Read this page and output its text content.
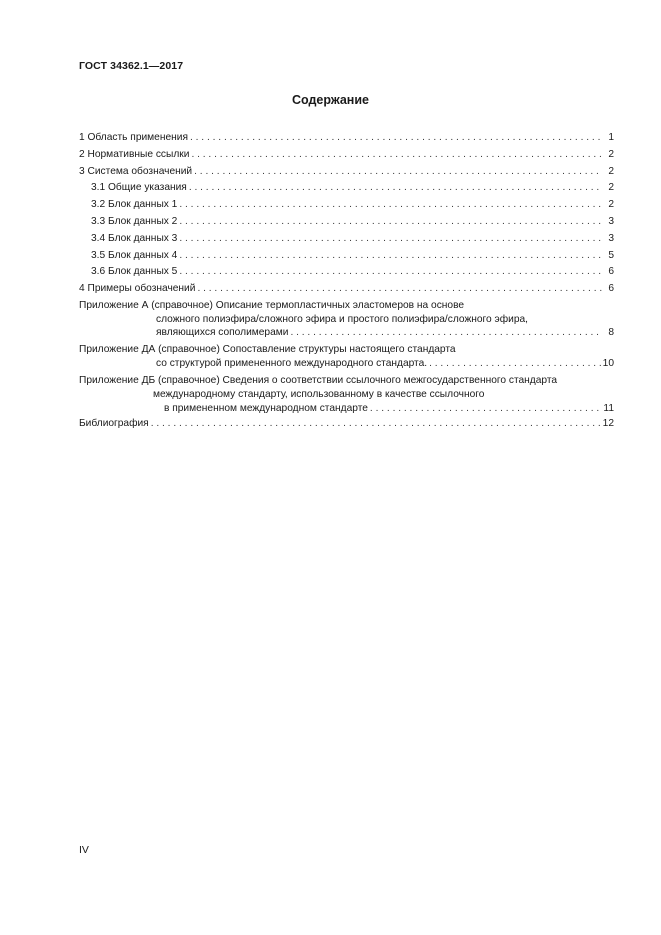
ГОСТ 34362.1—2017
Содержание
1 Область применения . . .	1
2 Нормативные ссылки . . .	2
3 Система обозначений . . .	2
3.1 Общие указания . . .	2
3.2 Блок данных 1 . . .	2
3.3 Блок данных 2 . . .	3
3.4 Блок данных 3 . . .	3
3.5 Блок данных 4 . . .	5
3.6 Блок данных 5 . . .	6
4 Примеры обозначений . . .	6
Приложение А (справочное) Описание термопластичных эластомеров на основе
сложного полиэфира/сложного эфира и простого полиэфира/сложного эфира,
являющихся сополимерами . . .	8
Приложение ДА (справочное) Сопоставление структуры настоящего стандарта
со структурой примененного международного стандарта. . . .	10
Приложение ДБ (справочное) Сведения о соответствии ссылочного межгосударственного стандарта
международному стандарту, использованному в качестве ссылочного
в примененном международном стандарте . . .	11
Библиография . . .	12
IV
